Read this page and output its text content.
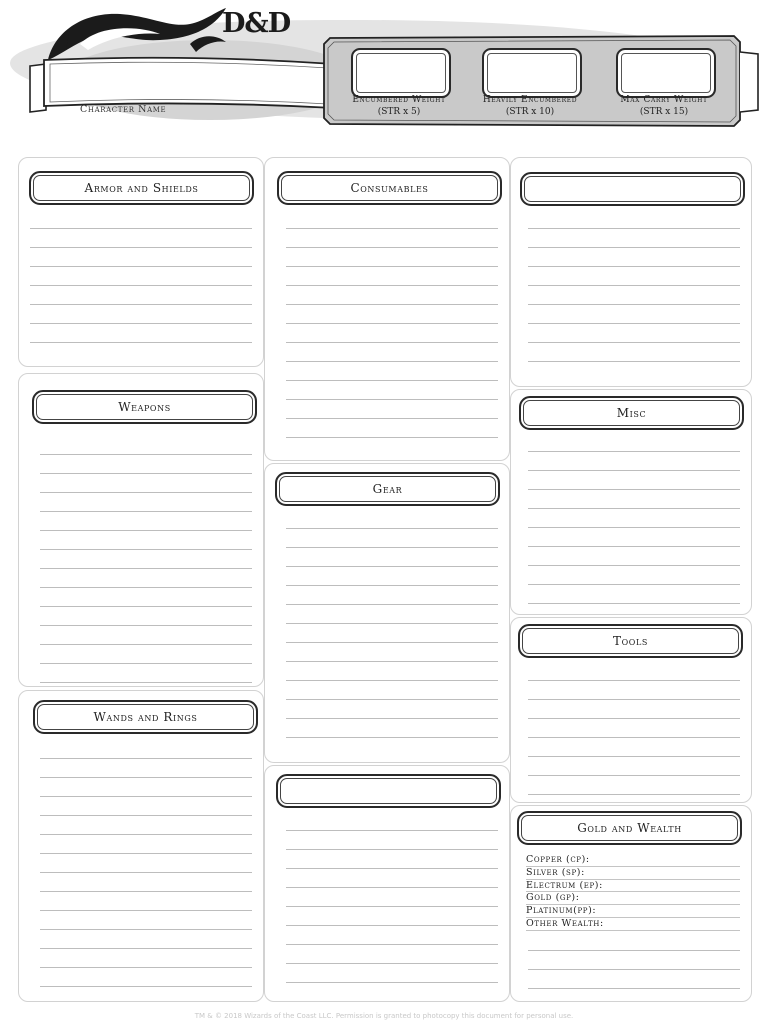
D&D
Character Name
Encumbered Weight
(STR x 5)
Heavily Encumbered
(STR x 10)
Max Carry Weight
(STR x 15)
Armor and Shields
Weapons
Wands and Rings
Consumables
Gear
Misc
Tools
Gold and Wealth
Copper (cp):
Silver (sp):
Electrum (ep):
Gold (gp):
Platinum(pp):
Other Wealth:
TM & © 2018 Wizards of the Coast LLC. Permission is granted to photocopy this document for personal use.
